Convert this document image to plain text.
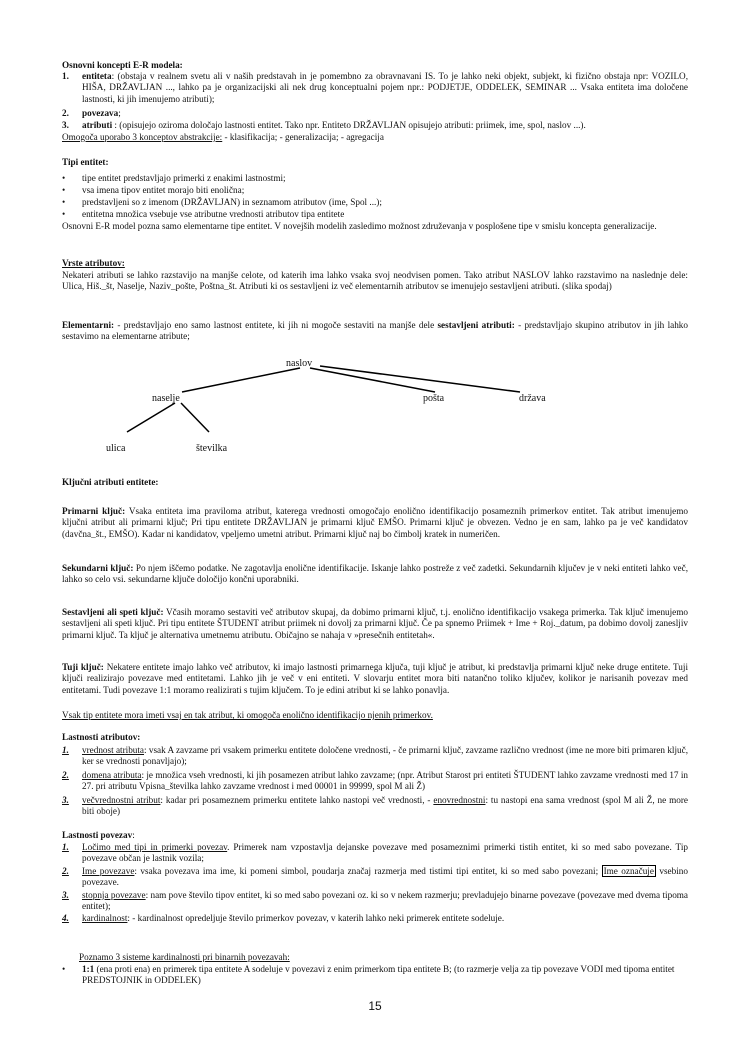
Osnovni koncepti E-R modela:
1. entiteta: (obstaja v realnem svetu ali v naših predstavah in je pomembno za obravnavani IS. To je lahko neki objekt, subjekt, ki fizično obstaja npr: VOZILO, HIŠA, DRŽAVLJAN ..., lahko pa je organizacijski ali nek drug konceptualni pojem npr.: PODJETJE, ODDELEK, SEMINAR ... Vsaka entiteta ima določene lastnosti, ki jih imenujemo atributi);
2. povezava;
3. atributi : (opisujejo oziroma določajo lastnosti entitet. Tako npr. Entiteto DRŽAVLJAN opisujejo atributi: priimek, ime, spol, naslov ...).
Omogoča uporabo 3 konceptov abstrakcije: - klasifikacija; - generalizacija; - agregacija
Tipi entitet:
• tipe entitet predstavljajo primerki z enakimi lastnostmi;
• vsa imena tipov entitet morajo biti enolična;
• predstavljeni so z imenom (DRŽAVLJAN) in seznamom atributov (ime, Spol ...);
• entitetna množica vsebuje vse atributne vrednosti atributov tipa entitete
Osnovni E-R model pozna samo elementarne tipe entitet. V novejših modelih zasledimo možnost združevanja v posplošene tipe v smislu koncepta generalizacije.
Vrste atributov:
Nekateri atributi se lahko razstavijo na manjše celote, od katerih ima lahko vsaka svoj neodvisen pomen. Tako atribut NASLOV lahko razstavimo na naslednje dele: Ulica, Hiš._št, Naselje, Naziv_pošte, Poštna_št. Atributi ki os sestavljeni iz več elementarnih atributov se imenujejo sestavljeni atributi. (slika spodaj)
Elementarni: - predstavljajo eno samo lastnost entitete, ki jih ni mogoče sestaviti na manjše dele sestavljeni atributi: - predstavljajo skupino atributov in jih lahko sestavimo na elementarne atribute;
naslov
naselje	pošta	država
ulica	številka
Ključni atributi entitete:
Primarni ključ: Vsaka entiteta ima praviloma atribut, katerega vrednosti omogočajo enolično identifikacijo posameznih primerkov entitet. Tak atribut imenujemo ključni atribut ali primarni ključ; Pri tipu entitete DRŽAVLJAN je primarni ključ EMŠO. Primarni ključ je obvezen. Vedno je en sam, lahko pa je več kandidatov (davčna_št., EMŠO). Kadar ni kandidatov, vpeljemo umetni atribut. Primarni ključ naj bo čimbolj kratek in numeričen.
Sekundarni ključ: Po njem iščemo podatke. Ne zagotavlja enolične identifikacije. Iskanje lahko postreže z več zadetki. Sekundarnih ključev je v neki entiteti lahko več, lahko so celo vsi. sekundarne ključe določijo končni uporabniki.
Sestavljeni ali speti ključ: Včasih moramo sestaviti več atributov skupaj, da dobimo primarni ključ, t.j. enolično identifikacijo vsakega primerka. Tak ključ imenujemo sestavljeni ali speti ključ. Pri tipu entitete ŠTUDENT atribut priimek ni dovolj za primarni ključ. Če pa spnemo Priimek + Ime + Roj._datum, pa dobimo dovolj zanesljiv primarni ključ. Ta ključ je alternativa umetnemu atributu. Običajno se nahaja v »presečnih entitetah«.
Tuji ključ: Nekatere entitete imajo lahko več atributov, ki imajo lastnosti primarnega ključa, tuji ključ je atribut, ki predstavlja primarni ključ neke druge entitete. Tuji ključi realizirajo povezave med entitetami. Lahko jih je več v eni entiteti. V slovarju entitet mora biti natančno toliko ključev, kolikor je narisanih povezav med entitetami. Tudi povezave 1:1 moramo realizirati s tujim ključem. To je edini atribut ki se lahko ponavlja.
Vsak tip entitete mora imeti vsaj en tak atribut, ki omogoča enolično identifikacijo njenih primerkov.
Lastnosti atributov:
1. vrednost atributa: vsak A zavzame pri vsakem primerku entitete določene vrednosti, - če primarni ključ, zavzame različno vrednost (ime ne more biti primaren ključ, ker se vrednosti ponavljajo);
2. domena atributa: je množica vseh vrednosti, ki jih posamezen atribut lahko zavzame; (npr. Atribut Starost pri entiteti ŠTUDENT lahko zavzame vrednosti med 17 in 27. pri atributu Vpisna_številka lahko zavzame vrednost i med 00001 in 99999, spol M ali Ž)
3. večvrednostni atribut: kadar pri posameznem primerku entitete lahko nastopi več vrednosti, - enovrednostni: tu nastopi ena sama vrednost (spol M ali Ž, ne more biti oboje)
Lastnosti povezav:
1. Ločimo med tipi in primerki povezav. Primerek nam vzpostavlja dejanske povezave med posameznimi primerki tistih entitet, ki so med sabo povezane. Tip povezave občan je lastnik vozila;
2. Ime povezave: vsaka povezava ima ime, ki pomeni simbol, poudarja značaj razmerja med tistimi tipi entitet, ki so med sabo povezani; Ime označuje vsebino povezave.
3. stopnja povezave: nam pove število tipov entitet, ki so med sabo povezani oz. ki so v nekem razmerju; prevladujejo binarne povezave (povezave med dvema tipoma entitet);
4. kardinalnost: - kardinalnost opredeljuje število primerkov povezav, v katerih lahko neki primerek entitete sodeluje.
Poznamo 3 sisteme kardinalnosti pri binarnih povezavah:
• 1:1 (ena proti ena) en primerek tipa entitete A sodeluje v povezavi z enim primerkom tipa entitete B; (to razmerje velja za tip povezave VODI med tipoma entitet PREDSTOJNIK in ODDELEK)
15
